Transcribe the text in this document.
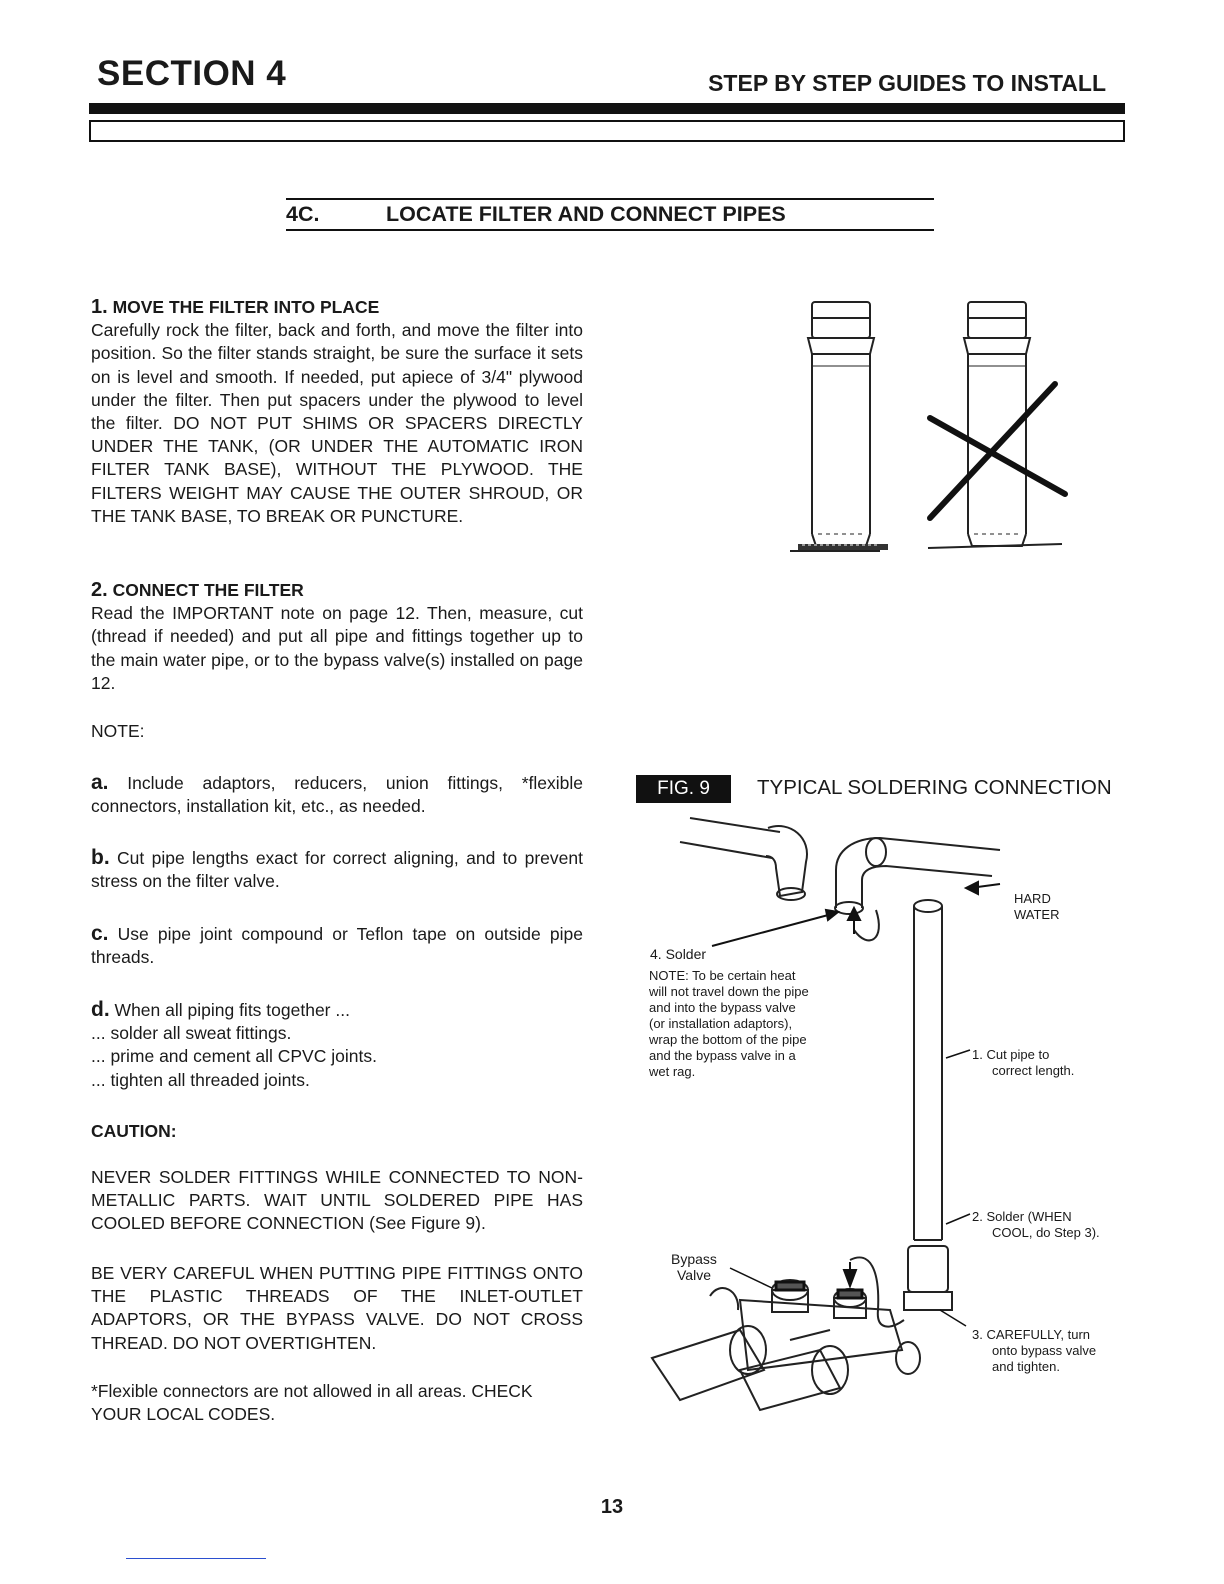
SECTION 4	STEP BY STEP GUIDES TO INSTALL
4C.	LOCATE FILTER AND CONNECT PIPES
1. MOVE THE FILTER INTO PLACE
Carefully rock the filter, back and forth, and move the filter into position. So the filter stands straight, be sure the surface it sets on is level and smooth. If needed, put apiece of 3/4" plywood under the filter. Then put spacers under the plywood to level the filter. DO NOT PUT SHIMS OR SPACERS DIRECTLY UNDER THE TANK, (OR UNDER THE AUTOMATIC IRON FILTER TANK BASE), WITHOUT THE PLYWOOD. THE FILTERS WEIGHT MAY CAUSE THE OUTER SHROUD, OR THE TANK BASE, TO BREAK OR PUNCTURE.
2. CONNECT THE FILTER
Read the IMPORTANT note on page 12. Then, measure, cut (thread if needed) and put all pipe and fittings together up to the main water pipe, or to the bypass valve(s) installed on page 12.
NOTE:
a. Include adaptors, reducers, union fittings, *flexible connectors, installation kit, etc., as needed.
b. Cut pipe lengths exact for correct aligning, and to prevent stress on the filter valve.
c. Use pipe joint compound or Teflon tape on outside pipe threads.
d. When all piping fits together ...
... solder all sweat fittings.
... prime and cement all CPVC joints.
... tighten all threaded joints.
CAUTION:
NEVER SOLDER FITTINGS WHILE CONNECTED TO NON-METALLIC PARTS. WAIT UNTIL SOLDERED PIPE HAS COOLED BEFORE CONNECTION (See Figure 9).
BE VERY CAREFUL WHEN PUTTING PIPE FITTINGS ONTO THE PLASTIC THREADS OF THE INLET-OUTLET ADAPTORS, OR THE BYPASS VALVE. DO NOT CROSS THREAD. DO NOT OVERTIGHTEN.
*Flexible connectors are not allowed in all areas. CHECK YOUR LOCAL CODES.
FIG. 9	TYPICAL SOLDERING CONNECTION
HARD
WATER
4. Solder
NOTE: To be certain heat
will not travel down the pipe
and into the bypass valve
(or installation adaptors),
wrap the bottom of the pipe
and the bypass valve in a
wet rag.
1. Cut pipe to
correct length.
2. Solder (WHEN
COOL, do Step 3).
3. CAREFULLY, turn
onto bypass valve
and tighten.
Bypass
Valve
13
